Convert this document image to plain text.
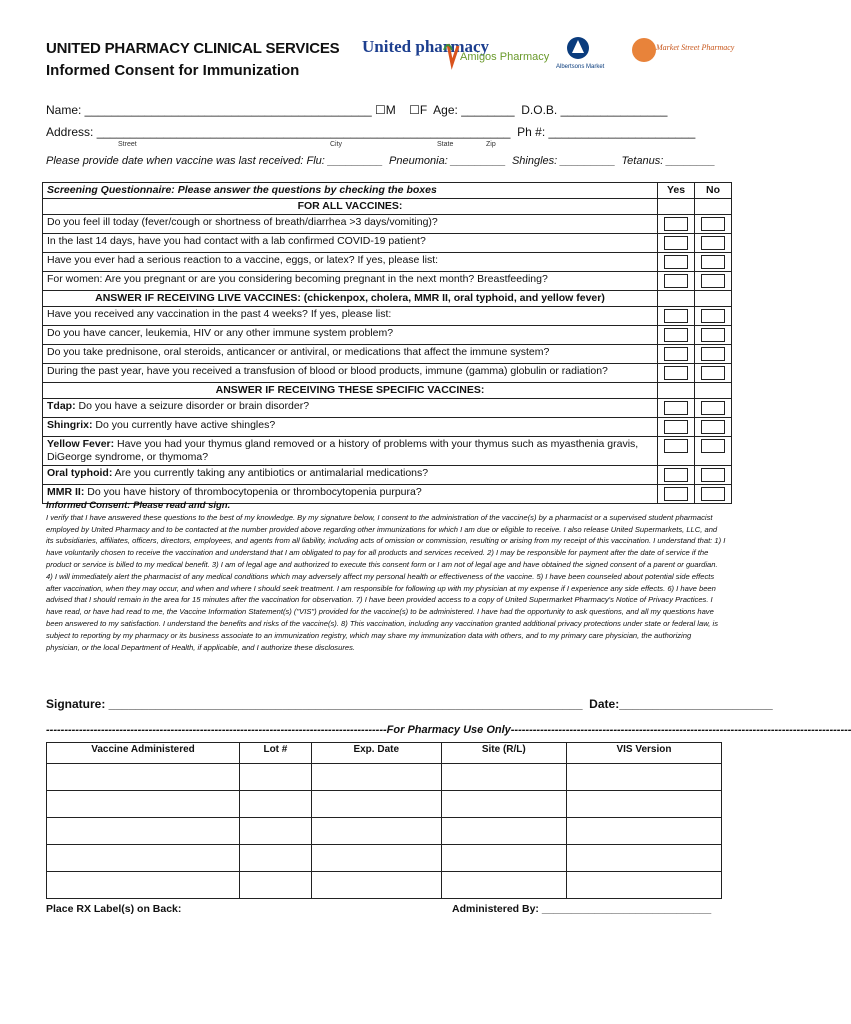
UNITED PHARMACY CLINICAL SERVICES
Informed Consent for Immunization
United pharmacy
Amigos Pharmacy
Albertsons Market
Market Street Pharmacy
Name: ___________________________________________ ☐M    ☐F  Age: ________  D.O.B. ________________
Address: ______________________________________________________________  Ph #: ______________________
Street	City	State	Zip
Please provide date when vaccine was last received: Flu: _________  Pneumonia: _________  Shingles: _________  Tetanus: ________
Screening Questionnaire: Please answer the questions by checking the boxes	Yes	No
FOR ALL VACCINES:		
Do you feel ill today (fever/cough or shortness of breath/diarrhea >3 days/vomiting)?	

In the last 14 days, have you had contact with a lab confirmed COVID-19 patient?	

Have you ever had a serious reaction to a vaccine, eggs, or latex? If yes, please list:	

For women: Are you pregnant or are you considering becoming pregnant in the next month? Breastfeeding?	

ANSWER IF RECEIVING LIVE VACCINES: (chickenpox, cholera, MMR II, oral typhoid, and yellow fever)		
Have you received any vaccination in the past 4 weeks? If yes, please list:	

Do you have cancer, leukemia, HIV or any other immune system problem?	

Do you take prednisone, oral steroids, anticancer or antiviral, or medications that affect the immune system?	

During the past year, have you received a transfusion of blood or blood products, immune (gamma) globulin or radiation?	

ANSWER IF RECEIVING THESE SPECIFIC VACCINES:		
Tdap: Do you have a seizure disorder or brain disorder?	

Shingrix: Do you currently have active shingles?	

Yellow Fever: Have you had your thymus gland removed or a history of problems with your thymus such as myasthenia gravis, DiGeorge syndrome, or thymoma?	

Oral typhoid: Are you currently taking any antibiotics or antimalarial medications?	

MMR II: Do you have history of thrombocytopenia or thrombocytopenia purpura?	

Informed Consent: Please read and sign.
I verify that I have answered these questions to the best of my knowledge. By my signature below, I consent to the administration of the vaccine(s) by a pharmacist or a supervised student pharmacist employed by United Pharmacy and to be contacted at the number provided above regarding other immunizations for which I am due or eligible to receive. I also release United Supermarkets, LLC, and its subsidiaries, affiliates, officers, directors, employees, and agents from all liability, including acts of omission or commission, resulting or arising from my receipt of this vaccination. I understand that: 1) I have voluntarily chosen to receive the vaccination and understand that I am obligated to pay for all products and services received. 2) I may be responsible for payment after the date of service if the product or service is billed to my medical benefit. 3) I am of legal age and authorized to execute this consent form or I am not of legal age and have obtained the signed consent of a parent or guardian. 4) I will immediately alert the pharmacist of any medical conditions which may adversely affect my personal health or effectiveness of the vaccine. 5) I have been counseled about potential side effects after vaccination, when they may occur, and when and where I should seek treatment. I am responsible for following up with my physician at my expense if I experience any side effects. 6) I have been advised that I should remain in the area for 15 minutes after the vaccination for observation. 7) I have been provided access to a copy of United Supermarket Pharmacy's Notice of Privacy Practices. I have read, or have had read to me, the Vaccine Information Statement(s) ("VIS") provided for the vaccine(s) to be administered. I have had the opportunity to ask questions, and all my questions have been answered to my satisfaction. I understand the benefits and risks of the vaccine(s). 8) This vaccination, including any vaccination granted additional privacy protections under state or federal law, is subject to reporting by my pharmacy or its business associate to an immunization registry, which may share my immunization data with others, and to my primary care physician, the authorizing physician, or the local Department of Health, if applicable, and I authorize these disclosures.
Signature: _______________________________________________________________________  Date:_______________________
---------------------------------------------------------------------------------------------For Pharmacy Use Only---------------------------------------------------------------------------------------------
Vaccine Administered	Lot #	Exp. Date	Site (R/L)	VIS Version

Place RX Label(s) on Back:	Administered By: _____________________________
